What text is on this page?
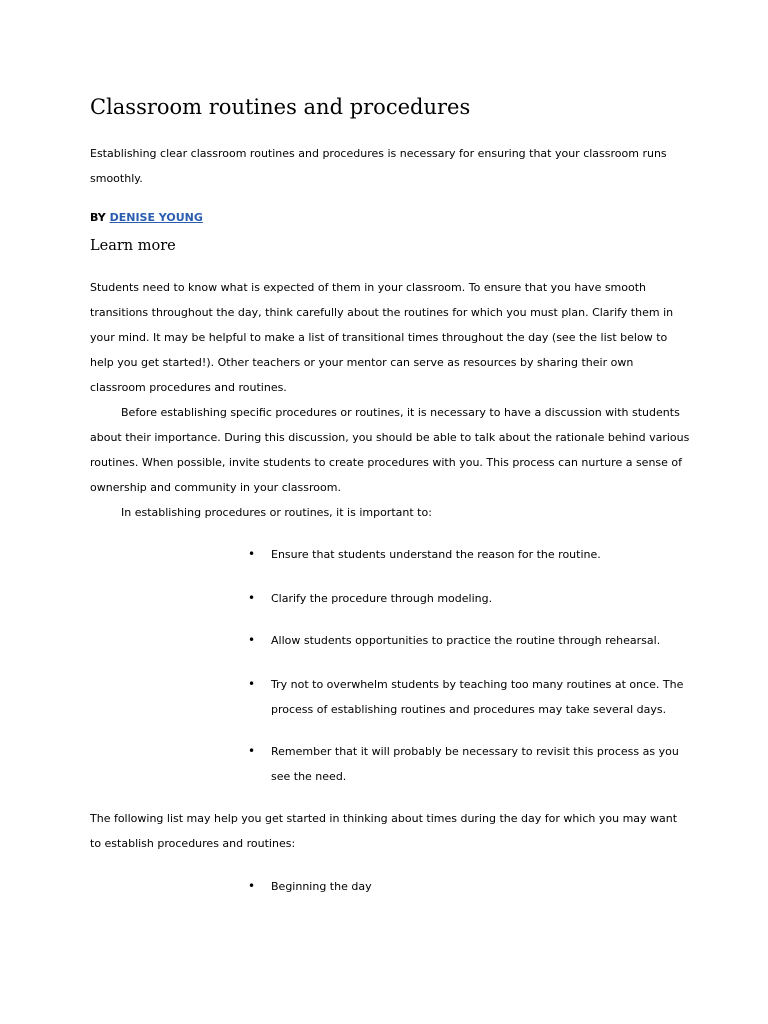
Classroom routines and procedures

Establishing clear classroom routines and procedures is necessary for ensuring that your classroom runs smoothly.

BY DENISE YOUNG

Learn more

Students need to know what is expected of them in your classroom. To ensure that you have smooth transitions throughout the day, think carefully about the routines for which you must plan. Clarify them in your mind. It may be helpful to make a list of transitional times throughout the day (see the list below to help you get started!). Other teachers or your mentor can serve as resources by sharing their own classroom procedures and routines.

Before establishing specific procedures or routines, it is necessary to have a discussion with students about their importance. During this discussion, you should be able to talk about the rationale behind various routines. When possible, invite students to create procedures with you. This process can nurture a sense of ownership and community in your classroom.

In establishing procedures or routines, it is important to:

• Ensure that students understand the reason for the routine.
• Clarify the procedure through modeling.
• Allow students opportunities to practice the routine through rehearsal.
• Try not to overwhelm students by teaching too many routines at once. The process of establishing routines and procedures may take several days.
• Remember that it will probably be necessary to revisit this process as you see the need.

The following list may help you get started in thinking about times during the day for which you may want to establish procedures and routines:

• Beginning the day
